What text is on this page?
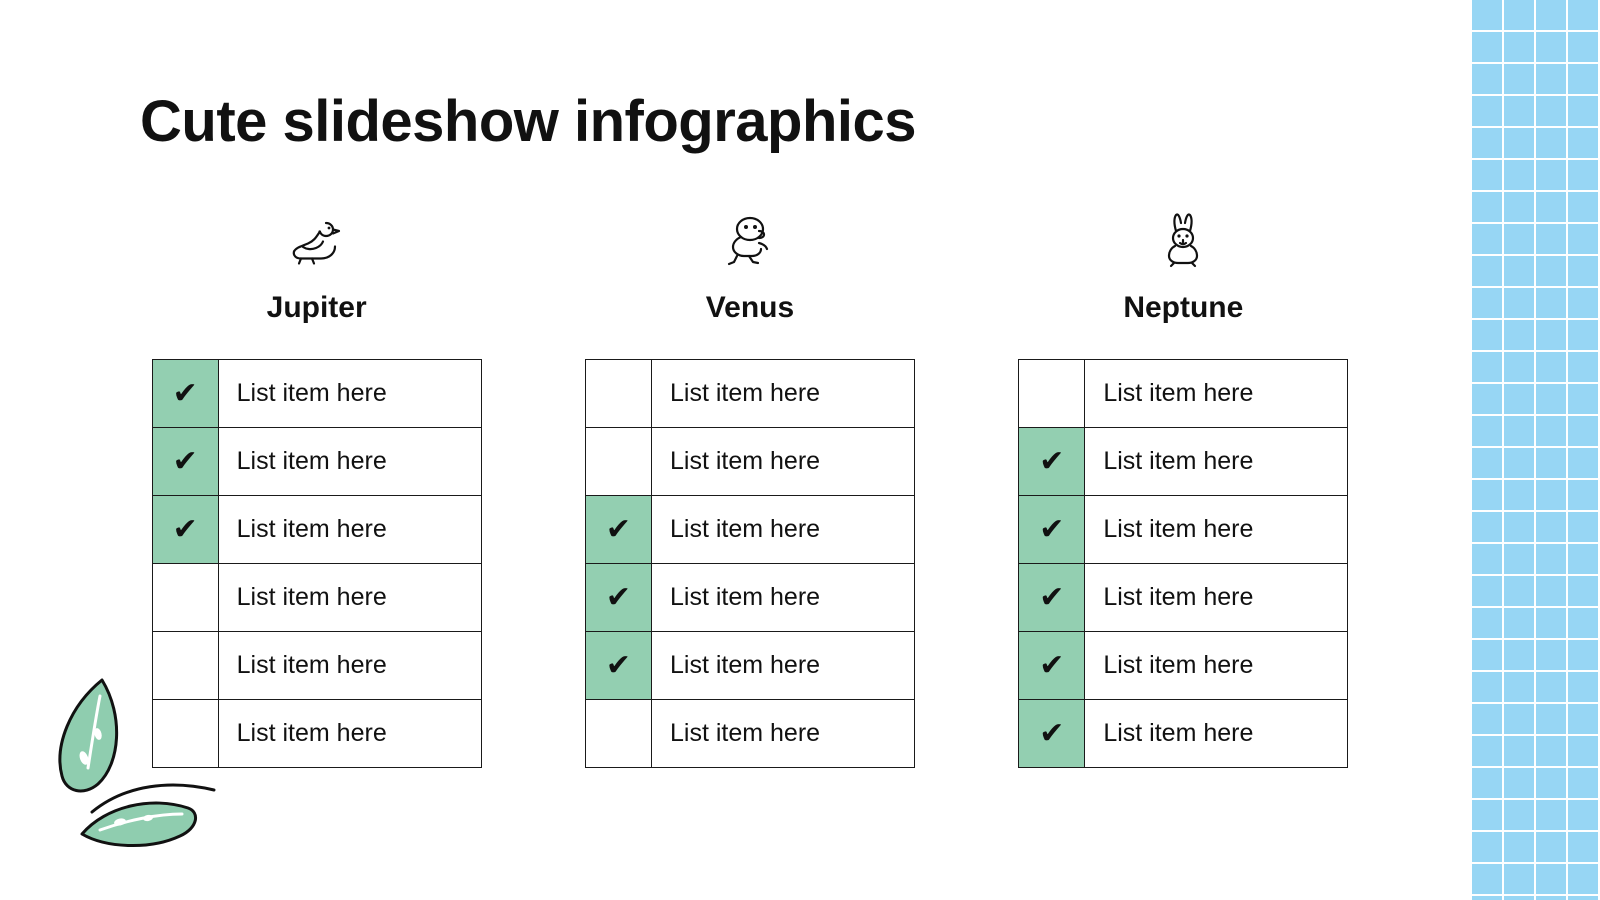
Cute slideshow infographics
Jupiter
✔	List item here
✔	List item here
✔	List item here
	List item here
	List item here
	List item here
Venus
	List item here
	List item here
✔	List item here
✔	List item here
✔	List item here
	List item here
Neptune
	List item here
✔	List item here
✔	List item here
✔	List item here
✔	List item here
✔	List item here
